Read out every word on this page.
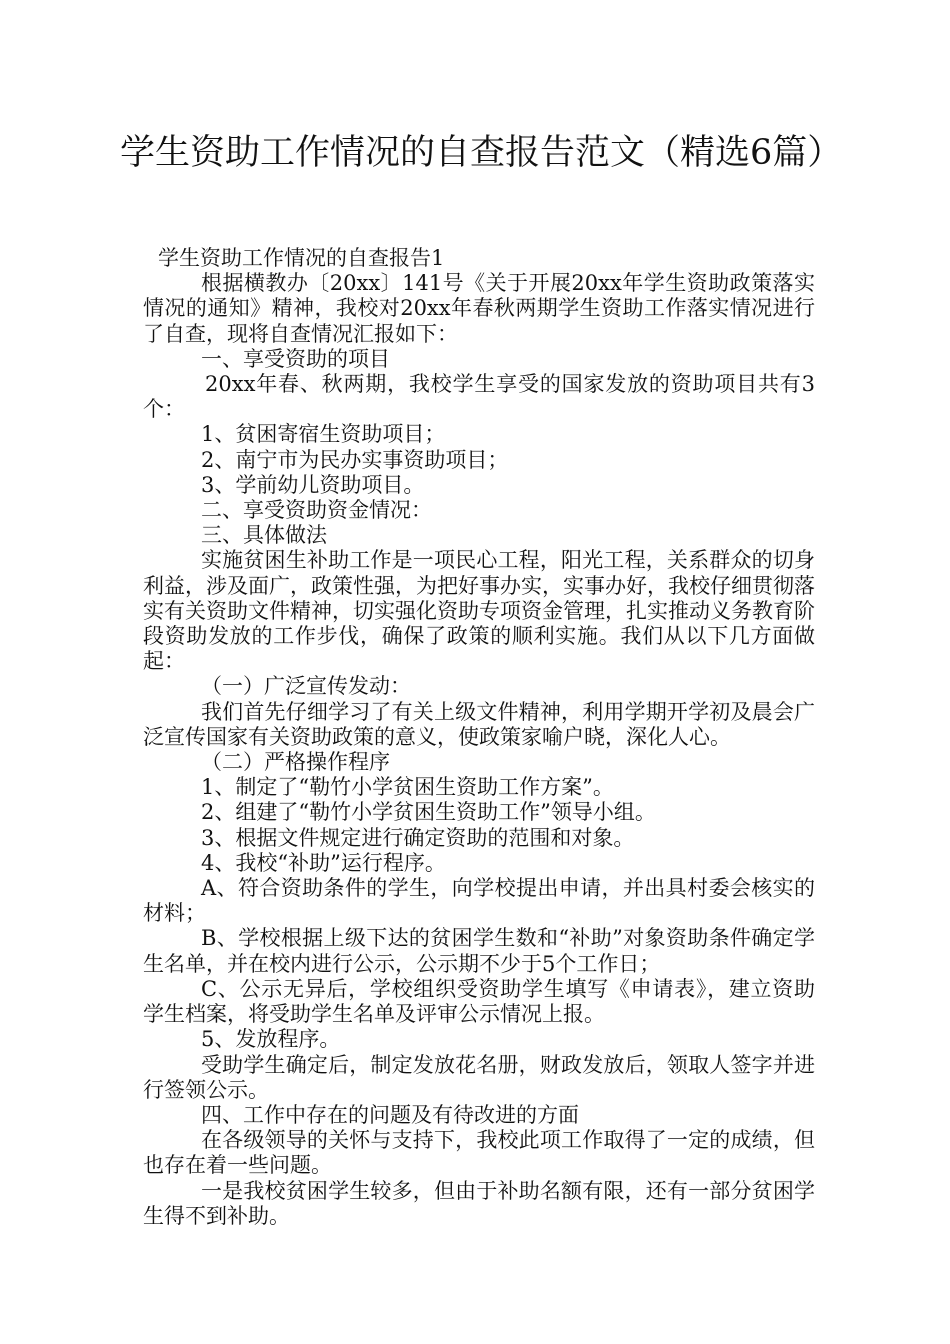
学生资助工作情况的自查报告范文（精选6篇）

学生资助工作情况的自查报告1

根据横教办〔20xx〕141号《关于开展20xx年学生资助政策落实情况的通知》精神，我校对20xx年春秋两期学生资助工作落实情况进行了自查，现将自查情况汇报如下：

一、享受资助的项目

20xx年春、秋两期，我校学生享受的国家发放的资助项目共有3个：

1、贫困寄宿生资助项目；

2、南宁市为民办实事资助项目；

3、学前幼儿资助项目。

二、享受资助资金情况：

三、具体做法

实施贫困生补助工作是一项民心工程，阳光工程，关系群众的切身利益，涉及面广，政策性强，为把好事办实，实事办好，我校仔细贯彻落实有关资助文件精神，切实强化资助专项资金管理，扎实推动义务教育阶段资助发放的工作步伐，确保了政策的顺利实施。我们从以下几方面做起：

（一）广泛宣传发动：

我们首先仔细学习了有关上级文件精神，利用学期开学初及晨会广泛宣传国家有关资助政策的意义，使政策家喻户晓，深化人心。

（二）严格操作程序

1、制定了“勒竹小学贫困生资助工作方案”。

2、组建了“勒竹小学贫困生资助工作”领导小组。

3、根据文件规定进行确定资助的范围和对象。

4、我校“补助”运行程序。

A、符合资助条件的学生，向学校提出申请，并出具村委会核实的材料；

B、学校根据上级下达的贫困学生数和“补助”对象资助条件确定学生名单，并在校内进行公示，公示期不少于5个工作日；

C、公示无异后，学校组织受资助学生填写《申请表》，建立资助学生档案，将受助学生名单及评审公示情况上报。

5、发放程序。

受助学生确定后，制定发放花名册，财政发放后，领取人签字并进行签领公示。

四、工作中存在的问题及有待改进的方面

在各级领导的关怀与支持下，我校此项工作取得了一定的成绩，但也存在着一些问题。

一是我校贫困学生较多，但由于补助名额有限，还有一部分贫困学生得不到补助。
